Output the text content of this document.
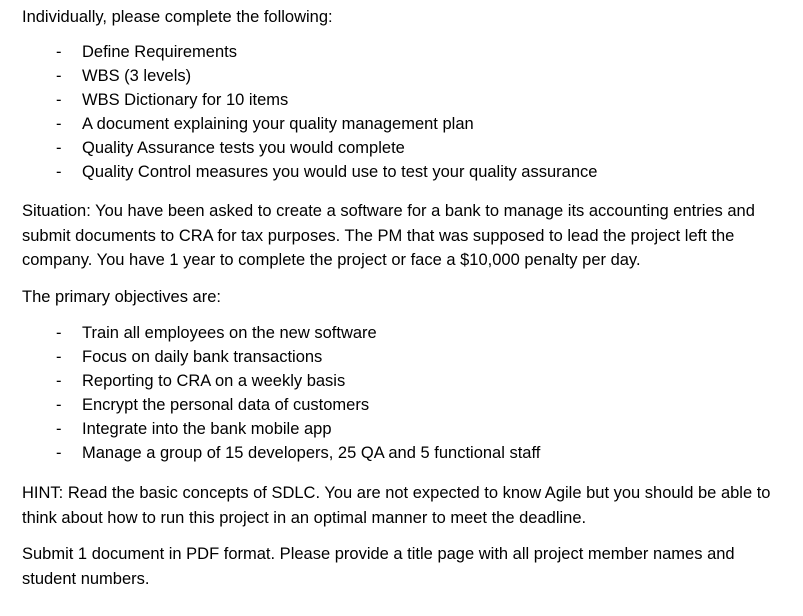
Individually, please complete the following:
- Define Requirements
- WBS (3 levels)
- WBS Dictionary for 10 items
- A document explaining your quality management plan
- Quality Assurance tests you would complete
- Quality Control measures you would use to test your quality assurance
Situation: You have been asked to create a software for a bank to manage its accounting entries and
submit documents to CRA for tax purposes. The PM that was supposed to lead the project left the
company. You have 1 year to complete the project or face a $10,000 penalty per day.
The primary objectives are:
- Train all employees on the new software
- Focus on daily bank transactions
- Reporting to CRA on a weekly basis
- Encrypt the personal data of customers
- Integrate into the bank mobile app
- Manage a group of 15 developers, 25 QA and 5 functional staff
HINT: Read the basic concepts of SDLC. You are not expected to know Agile but you should be able to
think about how to run this project in an optimal manner to meet the deadline.
Submit 1 document in PDF format. Please provide a title page with all project member names and
student numbers.
